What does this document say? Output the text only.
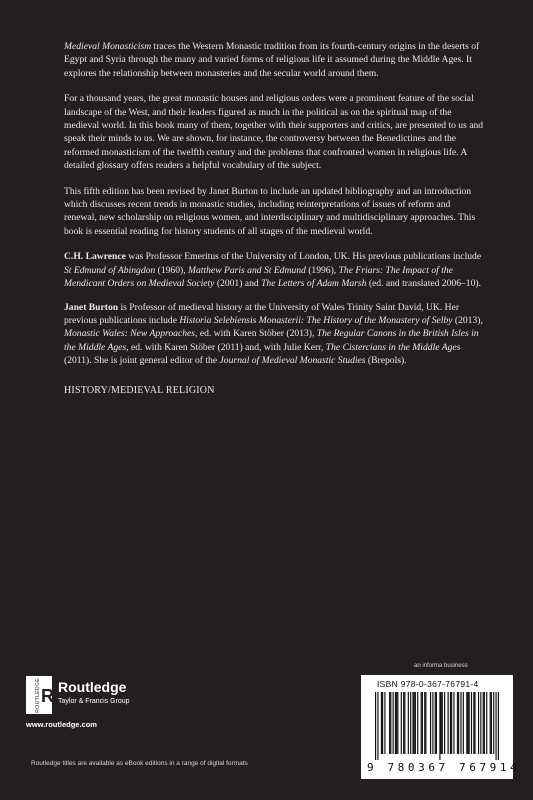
Medieval Monasticism traces the Western Monastic tradition from its fourth-century origins in the deserts of Egypt and Syria through the many and varied forms of religious life it assumed during the Middle Ages. It explores the relationship between monasteries and the secular world around them.

For a thousand years, the great monastic houses and religious orders were a prominent feature of the social landscape of the West, and their leaders figured as much in the political as on the spiritual map of the medieval world. In this book many of them, together with their supporters and critics, are presented to us and speak their minds to us. We are shown, for instance, the controversy between the Benedictines and the reformed monasticism of the twelfth century and the problems that confronted women in religious life. A detailed glossary offers readers a helpful vocabulary of the subject.

This fifth edition has been revised by Janet Burton to include an updated bibliography and an introduction which discusses recent trends in monastic studies, including reinterpretations of issues of reform and renewal, new scholarship on religious women, and interdisciplinary and multidisciplinary approaches. This book is essential reading for history students of all stages of the medieval world.

C.H. Lawrence was Professor Emeritus of the University of London, UK. His previous publications include St Edmund of Abingdon (1960), Matthew Paris and St Edmund (1996), The Friars: The Impact of the Mendicant Orders on Medieval Society (2001) and The Letters of Adam Marsh (ed. and translated 2006–10).

Janet Burton is Professor of medieval history at the University of Wales Trinity Saint David, UK. Her previous publications include Historia Selebiensis Monasterii: The History of the Monastery of Selby (2013), Monastic Wales: New Approaches, ed. with Karen Stöber (2013), The Regular Canons in the British Isles in the Middle Ages, ed. with Karen Stöber (2011) and, with Julie Kerr, The Cistercians in the Middle Ages (2011). She is joint general editor of the Journal of Medieval Monastic Studies (Brepols).

HISTORY/MEDIEVAL RELIGION
ROUTLEDGE R Routledge
Taylor & Francis Group
www.routledge.com
Routledge titles are available as eBook editions in a range of digital formats
an informa business
ISBN 978-0-367-76791-4
9 780367 767914
